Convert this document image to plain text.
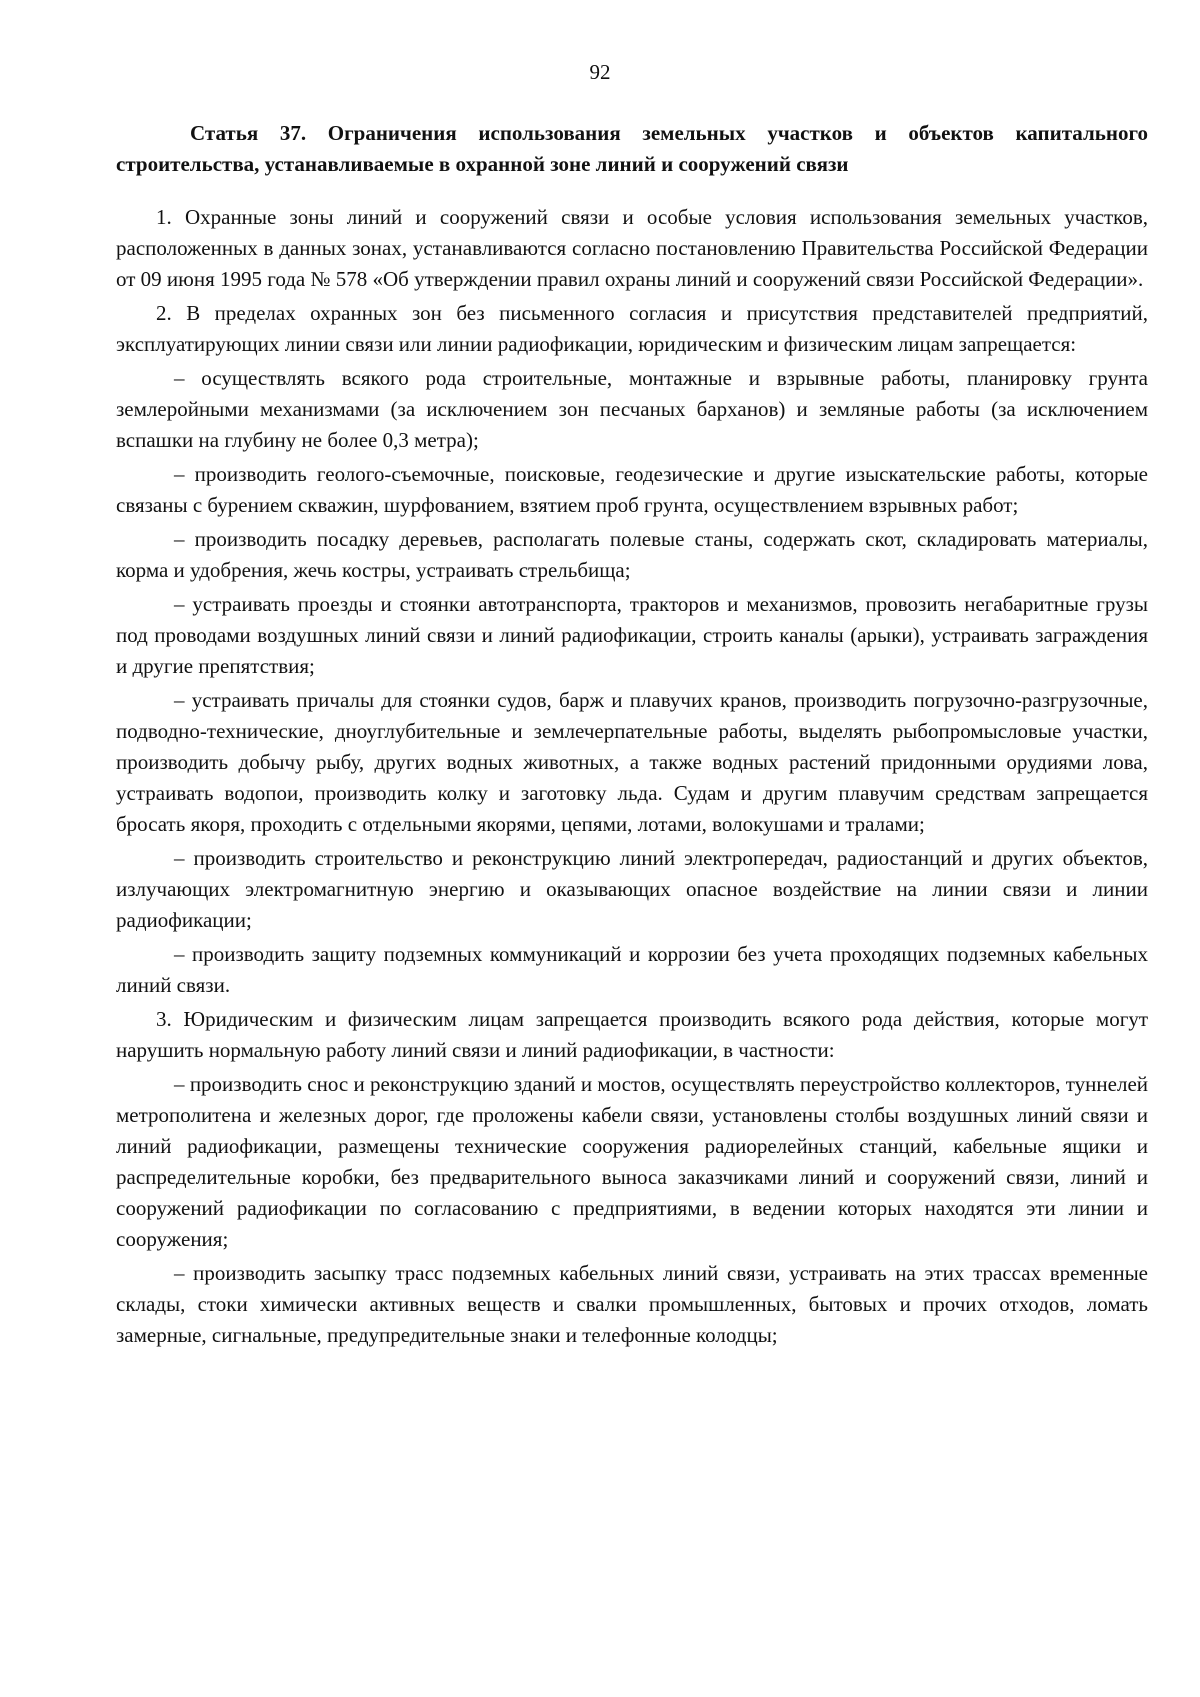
92
Статья 37. Ограничения использования земельных участков и объектов капитального строительства, устанавливаемые в охранной зоне линий и сооружений связи

1. Охранные зоны линий и сооружений связи и особые условия использования земельных участков, расположенных в данных зонах, устанавливаются согласно постановлению Правительства Российской Федерации от 09 июня 1995 года № 578 «Об утверждении правил охраны линий и сооружений связи Российской Федерации».

2. В пределах охранных зон без письменного согласия и присутствия представителей предприятий, эксплуатирующих линии связи или линии радиофикации, юридическим и физическим лицам запрещается:

– осуществлять всякого рода строительные, монтажные и взрывные работы, планировку грунта землеройными механизмами (за исключением зон песчаных барханов) и земляные работы (за исключением вспашки на глубину не более 0,3 метра);

– производить геолого-съемочные, поисковые, геодезические и другие изыскательские работы, которые связаны с бурением скважин, шурфованием, взятием проб грунта, осуществлением взрывных работ;

– производить посадку деревьев, располагать полевые станы, содержать скот, складировать материалы, корма и удобрения, жечь костры, устраивать стрельбища;

– устраивать проезды и стоянки автотранспорта, тракторов и механизмов, провозить негабаритные грузы под проводами воздушных линий связи и линий радиофикации, строить каналы (арыки), устраивать заграждения и другие препятствия;

– устраивать причалы для стоянки судов, барж и плавучих кранов, производить погрузочно-разгрузочные, подводно-технические, дноуглубительные и землечерпательные работы, выделять рыбопромысловые участки, производить добычу рыбу, других водных животных, а также водных растений придонными орудиями лова, устраивать водопои, производить колку и заготовку льда. Судам и другим плавучим средствам запрещается бросать якоря, проходить с отдельными якорями, цепями, лотами, волокушами и тралами;

– производить строительство и реконструкцию линий электропередач, радиостанций и других объектов, излучающих электромагнитную энергию и оказывающих опасное воздействие на линии связи и линии радиофикации;

– производить защиту подземных коммуникаций и коррозии без учета проходящих подземных кабельных линий связи.

3. Юридическим и физическим лицам запрещается производить всякого рода действия, которые могут нарушить нормальную работу линий связи и линий радиофикации, в частности:

– производить снос и реконструкцию зданий и мостов, осуществлять переустройство коллекторов, туннелей метрополитена и железных дорог, где проложены кабели связи, установлены столбы воздушных линий связи и линий радиофикации, размещены технические сооружения радиорелейных станций, кабельные ящики и распределительные коробки, без предварительного выноса заказчиками линий и сооружений связи, линий и сооружений радиофикации по согласованию с предприятиями, в ведении которых находятся эти линии и сооружения;

– производить засыпку трасс подземных кабельных линий связи, устраивать на этих трассах временные склады, стоки химически активных веществ и свалки промышленных, бытовых и прочих отходов, ломать замерные, сигнальные, предупредительные знаки и телефонные колодцы;
